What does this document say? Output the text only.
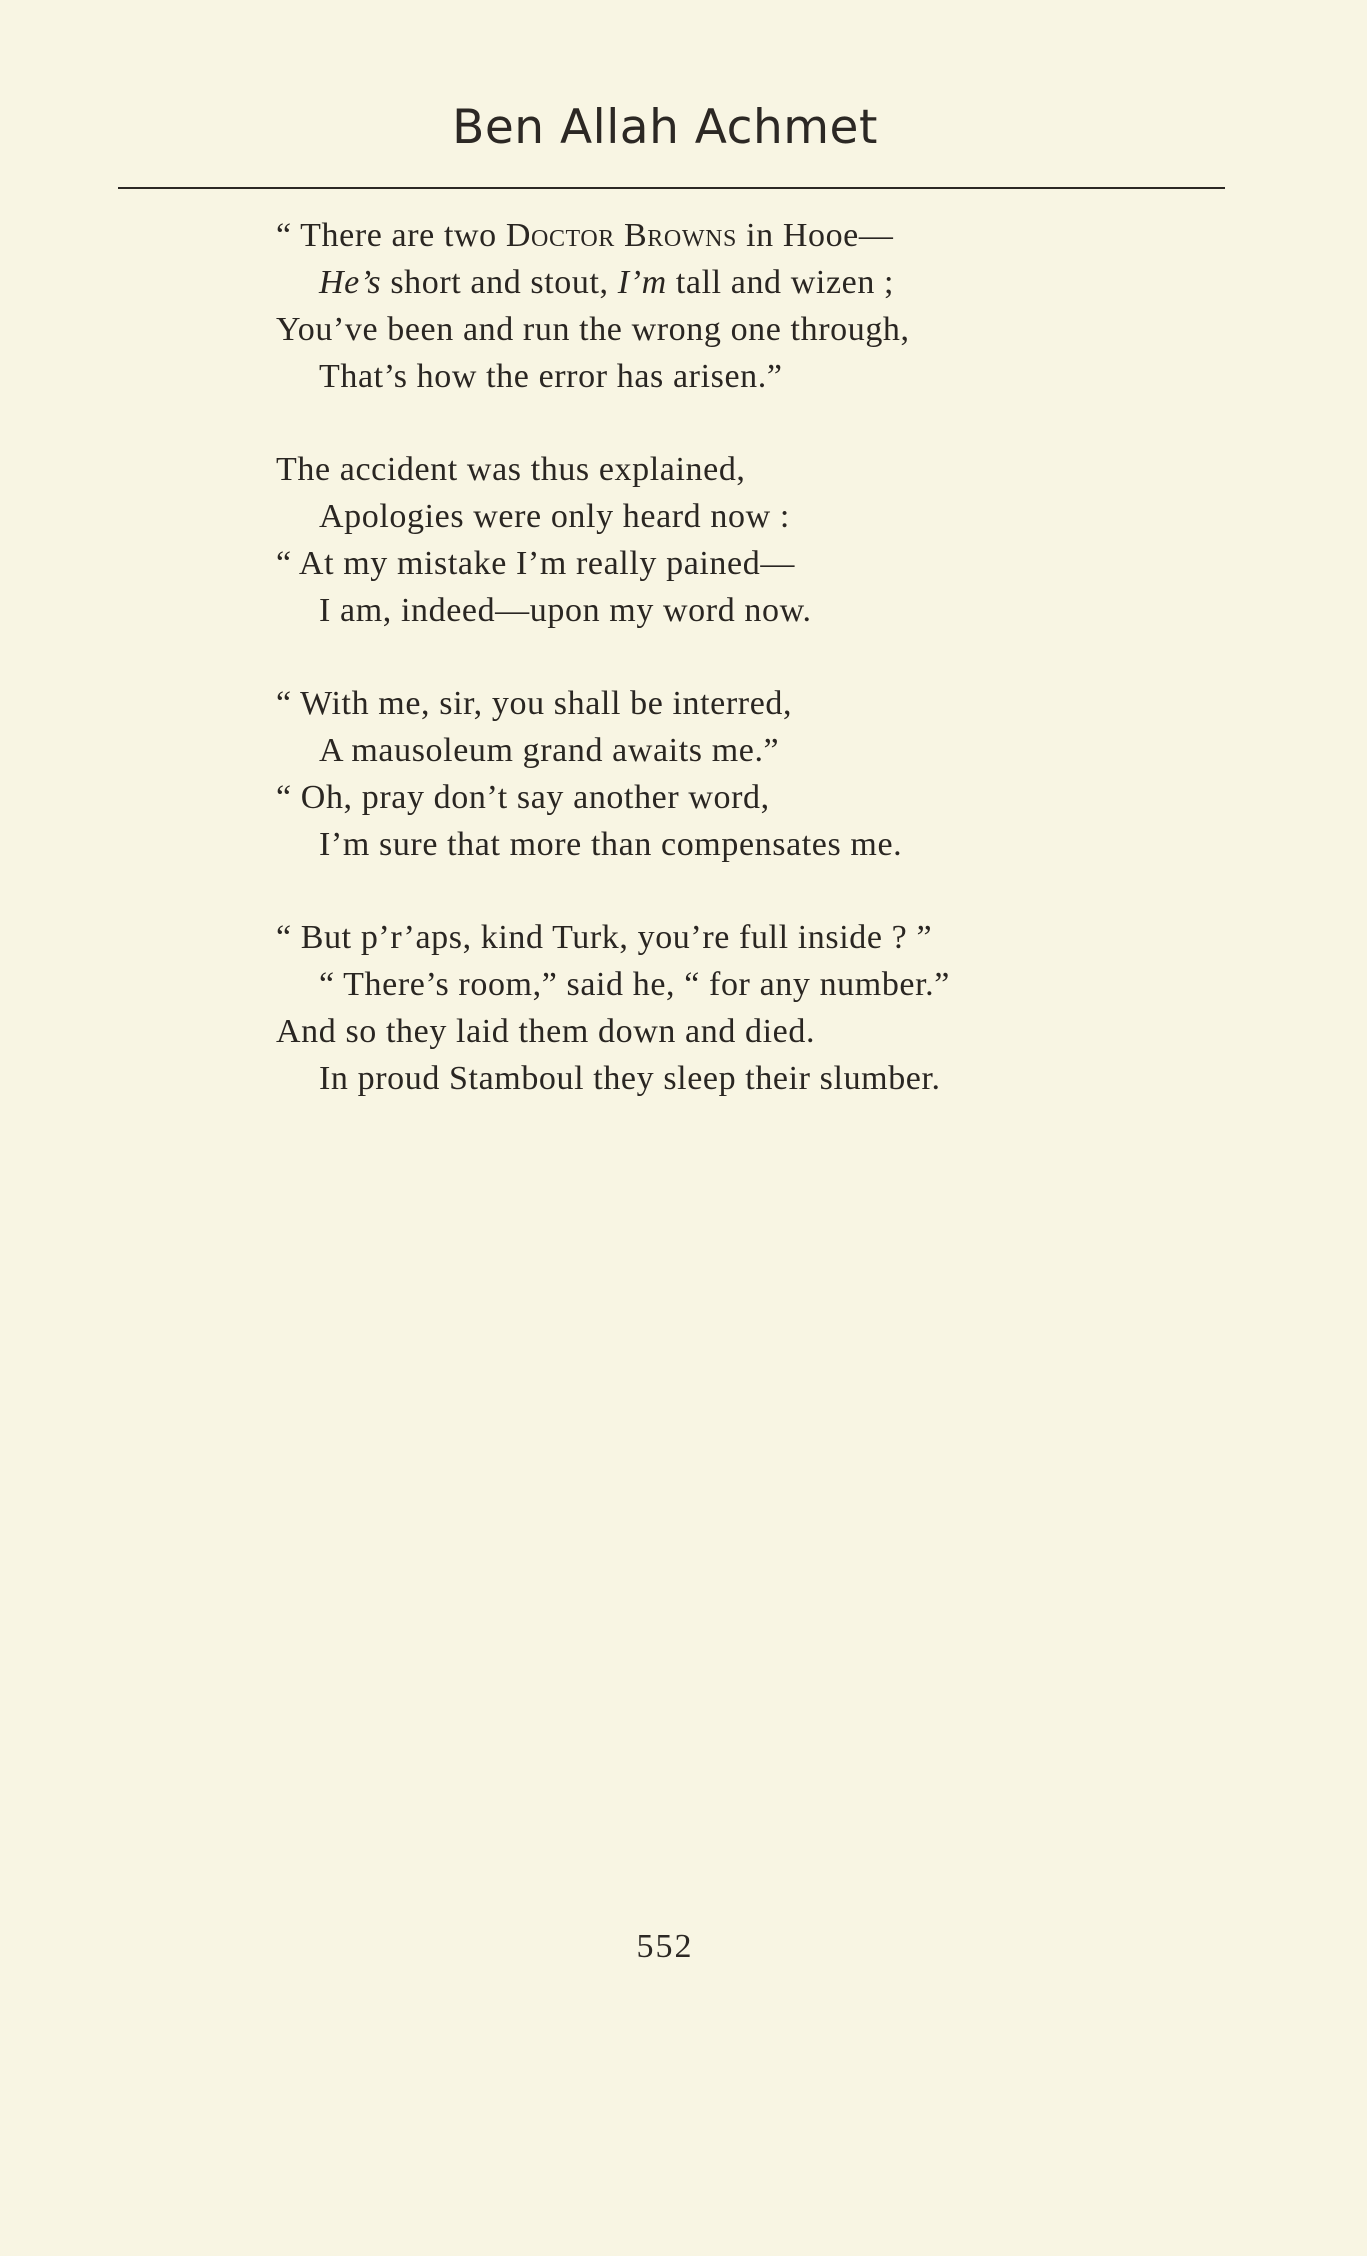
Ben Allah Achmet
“ There are two Doctor Browns in Hooe—
He’s short and stout, I’m tall and wizen ;
You’ve been and run the wrong one through,
That’s how the error has arisen.”
The accident was thus explained,
Apologies were only heard now :
“ At my mistake I’m really pained—
I am, indeed—upon my word now.
“ With me, sir, you shall be interred,
A mausoleum grand awaits me.”
“ Oh, pray don’t say another word,
I’m sure that more than compensates me.
“ But p’r’aps, kind Turk, you’re full inside ? ”
“ There’s room,” said he, “ for any number.”
And so they laid them down and died.
In proud Stamboul they sleep their slumber.
552
